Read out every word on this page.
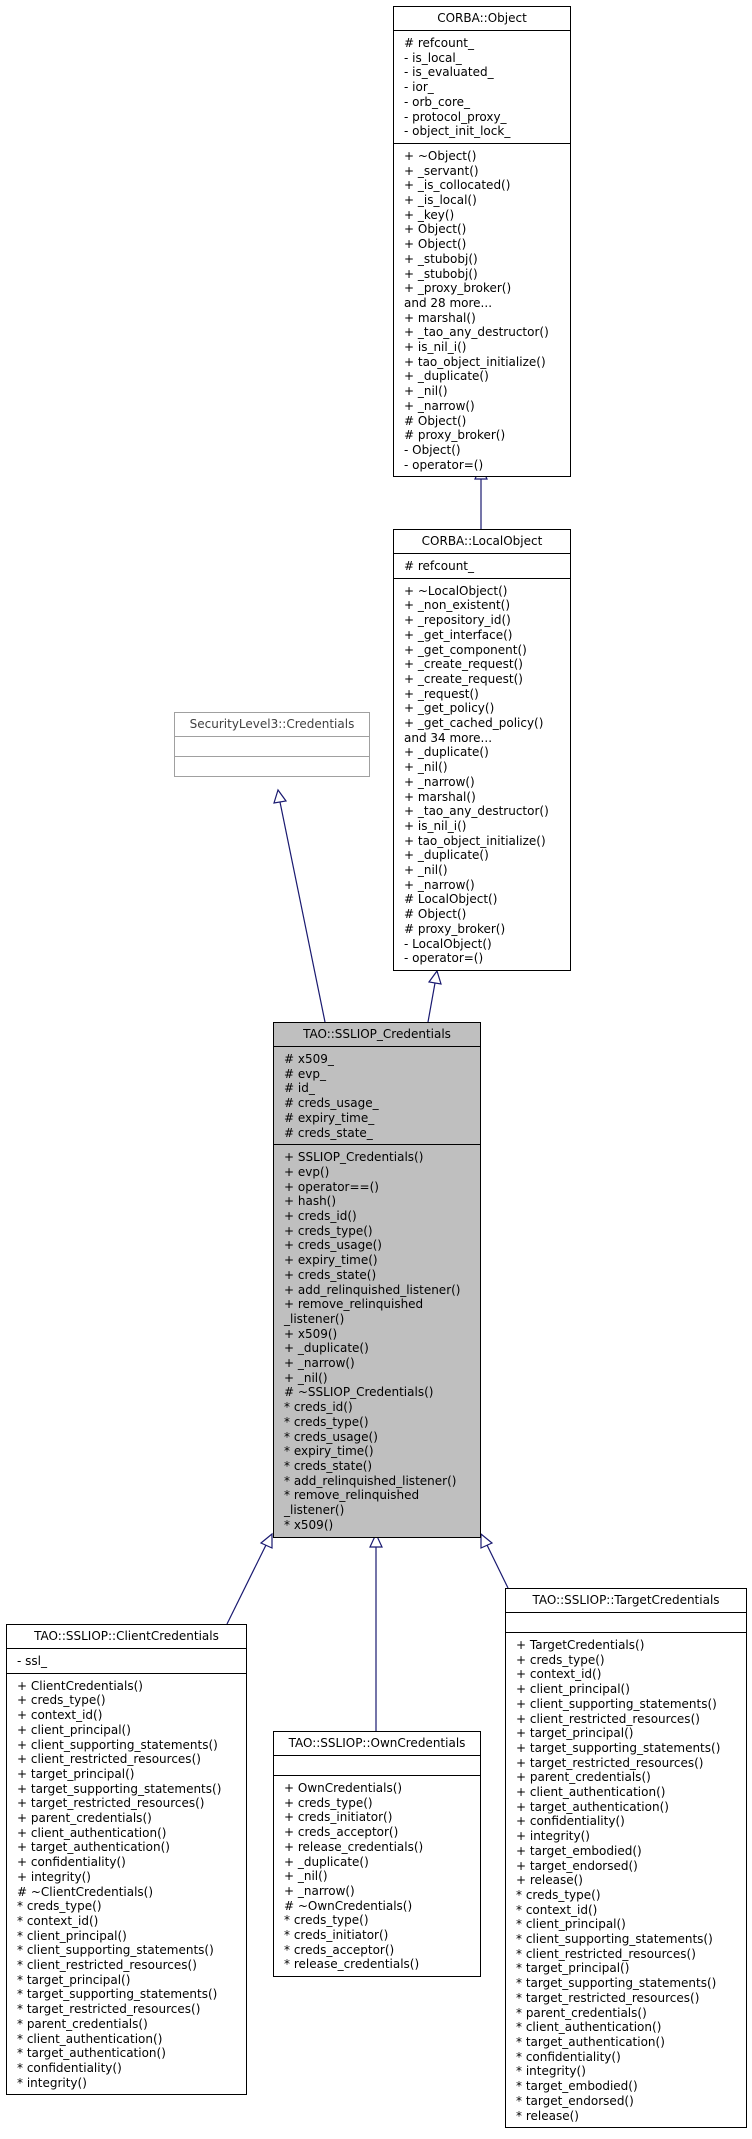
CORBA::Object
# refcount_
- is_local_
- is_evaluated_
- ior_
- orb_core_
- protocol_proxy_
- object_init_lock_
+ ~Object()
+ _servant()
+ _is_collocated()
+ _is_local()
+ _key()
+ Object()
+ Object()
+ _stubobj()
+ _stubobj()
+ _proxy_broker()
and 28 more...
+ marshal()
+ _tao_any_destructor()
+ is_nil_i()
+ tao_object_initialize()
+ _duplicate()
+ _nil()
+ _narrow()
# Object()
# proxy_broker()
- Object()
- operator=()
CORBA::LocalObject
# refcount_
+ ~LocalObject()
+ _non_existent()
+ _repository_id()
+ _get_interface()
+ _get_component()
+ _create_request()
+ _create_request()
+ _request()
+ _get_policy()
+ _get_cached_policy()
and 34 more...
+ _duplicate()
+ _nil()
+ _narrow()
+ marshal()
+ _tao_any_destructor()
+ is_nil_i()
+ tao_object_initialize()
+ _duplicate()
+ _nil()
+ _narrow()
# LocalObject()
# Object()
# proxy_broker()
- LocalObject()
- operator=()
SecurityLevel3::Credentials
TAO::SSLIOP_Credentials
# x509_
# evp_
# id_
# creds_usage_
# expiry_time_
# creds_state_
+ SSLIOP_Credentials()
+ evp()
+ operator==()
+ hash()
+ creds_id()
+ creds_type()
+ creds_usage()
+ expiry_time()
+ creds_state()
+ add_relinquished_listener()
+ remove_relinquished
_listener()
+ x509()
+ _duplicate()
+ _narrow()
+ _nil()
# ~SSLIOP_Credentials()
* creds_id()
* creds_type()
* creds_usage()
* expiry_time()
* creds_state()
* add_relinquished_listener()
* remove_relinquished
_listener()
* x509()
TAO::SSLIOP::ClientCredentials
- ssl_
+ ClientCredentials()
+ creds_type()
+ context_id()
+ client_principal()
+ client_supporting_statements()
+ client_restricted_resources()
+ target_principal()
+ target_supporting_statements()
+ target_restricted_resources()
+ parent_credentials()
+ client_authentication()
+ target_authentication()
+ confidentiality()
+ integrity()
# ~ClientCredentials()
* creds_type()
* context_id()
* client_principal()
* client_supporting_statements()
* client_restricted_resources()
* target_principal()
* target_supporting_statements()
* target_restricted_resources()
* parent_credentials()
* client_authentication()
* target_authentication()
* confidentiality()
* integrity()
TAO::SSLIOP::OwnCredentials
+ OwnCredentials()
+ creds_type()
+ creds_initiator()
+ creds_acceptor()
+ release_credentials()
+ _duplicate()
+ _nil()
+ _narrow()
# ~OwnCredentials()
* creds_type()
* creds_initiator()
* creds_acceptor()
* release_credentials()
TAO::SSLIOP::TargetCredentials
+ TargetCredentials()
+ creds_type()
+ context_id()
+ client_principal()
+ client_supporting_statements()
+ client_restricted_resources()
+ target_principal()
+ target_supporting_statements()
+ target_restricted_resources()
+ parent_credentials()
+ client_authentication()
+ target_authentication()
+ confidentiality()
+ integrity()
+ target_embodied()
+ target_endorsed()
+ release()
* creds_type()
* context_id()
* client_principal()
* client_supporting_statements()
* client_restricted_resources()
* target_principal()
* target_supporting_statements()
* target_restricted_resources()
* parent_credentials()
* client_authentication()
* target_authentication()
* confidentiality()
* integrity()
* target_embodied()
* target_endorsed()
* release()
